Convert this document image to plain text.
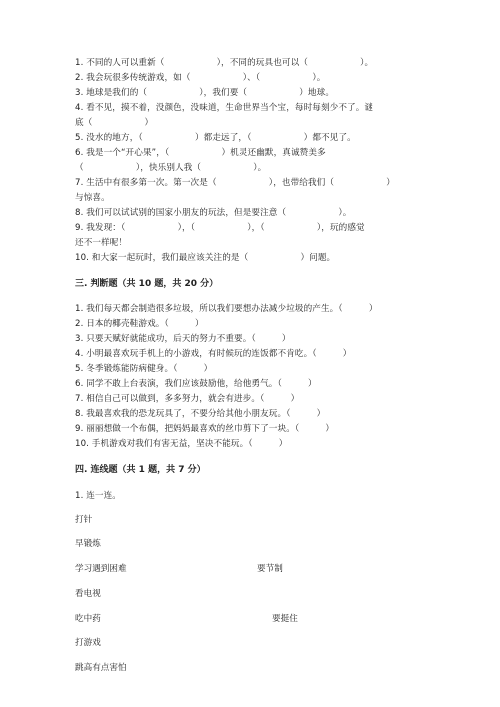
1. 不同的人可以重新（　　　　　　），不同的玩具也可以（　　　　　　）。
2. 我会玩很多传统游戏，如（　　　　　　）、（　　　　　　）。
3. 地球是我们的（　　　　　　），我们要（　　　　　　）地球。
4. 看不见，摸不着，没颜色，没味道，生命世界当个宝，每时每刻少不了。谜
底（　　　　　　）
5. 没水的地方，（　　　　　　）都走远了，（　　　　　　）都不见了。
6. 我是一个“开心果”，（　　　　　　）机灵还幽默，真诚赞美多
（　　　　　　），快乐别人我（　　　　　　）。
7. 生活中有很多第一次。第一次是（　　　　　　），也带给我们（　　　　　　）
与惊喜。
8. 我们可以试试别的国家小朋友的玩法，但是要注意（　　　　　　）。
9. 我发现：（　　　　　　），（　　　　　　），（　　　　　　），玩的感觉
还不一样呢！
10. 和大家一起玩时，我们最应该关注的是（　　　　　　）问题。
三. 判断题（共 10 题，共 20 分）
1. 我们每天都会制造很多垃圾，所以我们要想办法减少垃圾的产生。（　　　）
2. 日本的椰壳鞋游戏。（　　　）
3. 只要天赋好就能成功，后天的努力不重要。（　　　）
4. 小明最喜欢玩手机上的小游戏，有时候玩的连饭都不肯吃。（　　　）
5. 冬季锻炼能防病健身。（　　　）
6. 同学不敢上台表演，我们应该鼓励他，给他勇气。（　　　）
7. 相信自己可以做到，多多努力，就会有进步。（　　　）
8. 我最喜欢我的恐龙玩具了，不要分给其他小朋友玩。（　　　）
9. 丽丽想做一个布偶，把妈妈最喜欢的丝巾剪下了一块。（　　　）
10. 手机游戏对我们有害无益，坚决不能玩。（　　　）
四. 连线题（共 1 题，共 7 分）
1. 连一连。
打针
早锻炼
学习遇到困难	要节制
看电视
吃中药	要挺住
打游戏
跳高有点害怕
